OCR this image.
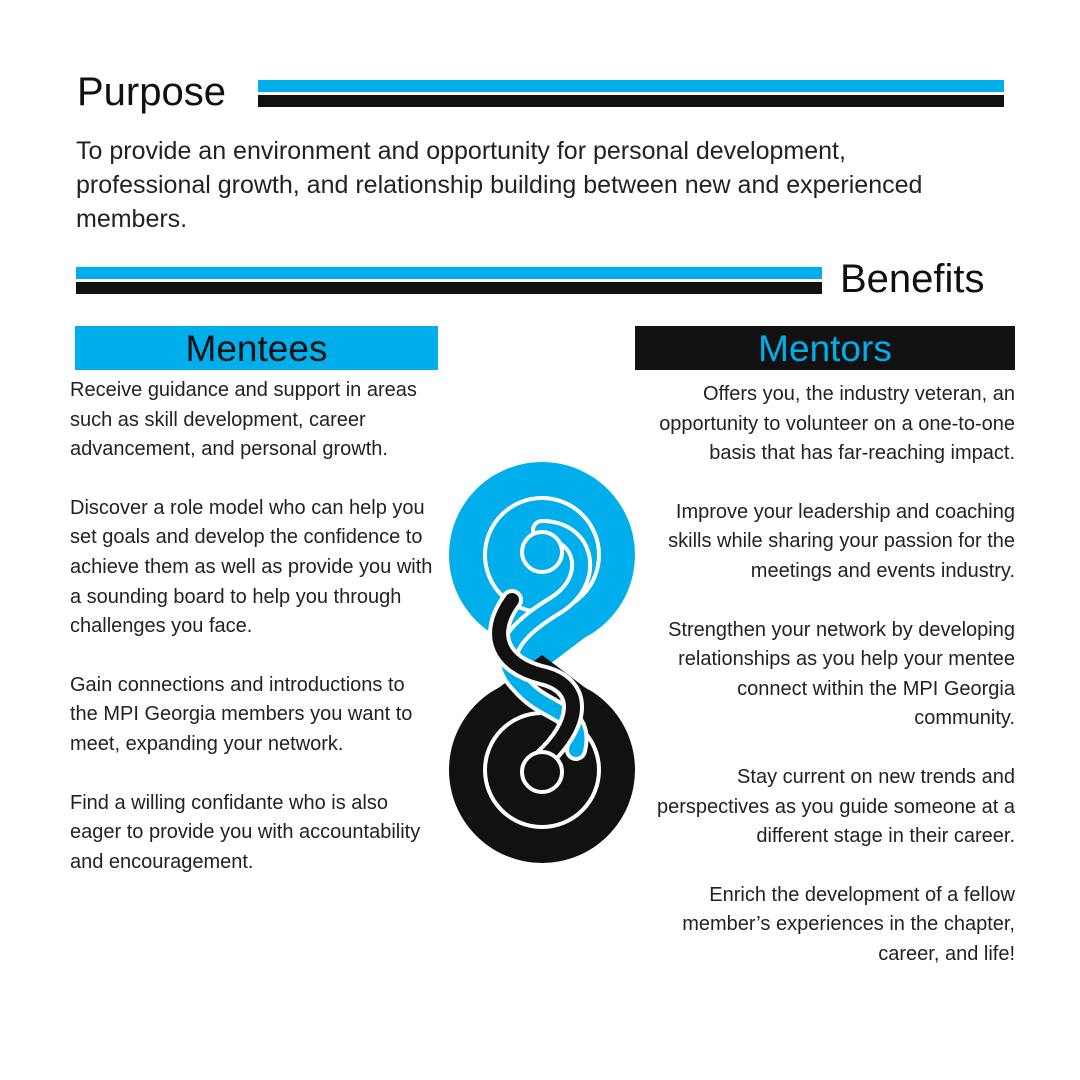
Purpose
To provide an environment and opportunity for personal development, professional growth, and relationship building between new and experienced members.
Benefits
Mentees

Receive guidance and support in areas such as skill development, career advancement, and personal growth.

Discover a role model who can help you set goals and develop the confidence to achieve them as well as provide you with a sounding board to help you through challenges you face.

Gain connections and introductions to the MPI Georgia members you want to meet, expanding your network.

Find a willing confidante who is also eager to provide you with accountability and encouragement.

Mentors

Offers you, the industry veteran, an opportunity to volunteer on a one-to-one basis that has far-reaching impact.

Improve your leadership and coaching skills while sharing your passion for the meetings and events industry.

Strengthen your network by developing relationships as you help your mentee connect within the MPI Georgia community.

Stay current on new trends and perspectives as you guide someone at a different stage in their career.

Enrich the development of a fellow member’s experiences in the chapter, career, and life!
